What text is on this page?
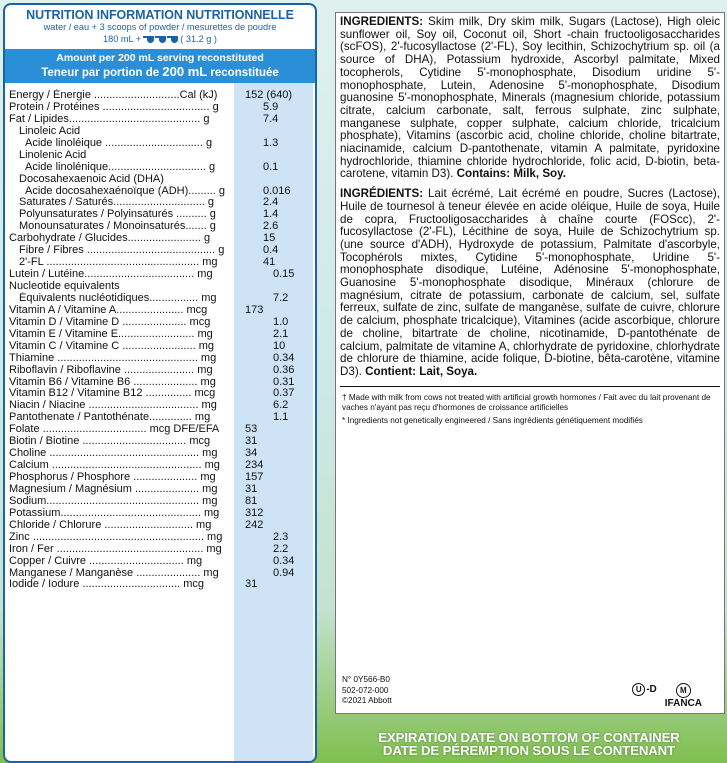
NUTRITION INFORMATION NUTRITIONNELLE
water / eau + 3 scoops of powder / mesurettes de poudre
180 mL +	( 31.2 g )
Amount per 200 mL serving reconstituted
Teneur par portion de 200 mL reconstituée
Energy / Énergie ............................Cal (kJ)	152 (640)
Protein / Protéines ................................... g	5.9
Fat / Lipides........................................... g	7.4
Linoleic Acid
Acide linoléique ................................ g	1.3
Linolenic Acid
Acide linolénique................................ g	0.1
Docosahexaenoic Acid (DHA)
Acide docosahexaénoïque (ADH)......... g	0.016
Saturates / Saturés.............................. g	2.4
Polyunsaturates / Polyinsaturés .......... g	1.4
Monounsaturates / Monoinsaturés....... g	2.6
Carbohydrate / Glucides........................ g	15
Fibre / Fibres .......................................... g	0.4
2'-FL .................................................. mg	41
Lutein / Lutéine.................................... mg	0.15
Nucleotide equivalents
Équivalents nucléotidiques................ mg	7.2
Vitamin A / Vitamine A...................... mcg	173
Vitamin D / Vitamine D ..................... mcg	1.0
Vitamin E / Vitamine E......................... mg	2.1
Vitamin C / Vitamine C ........................ mg	10
Thiamine .............................................. mg	0.34
Riboflavin / Riboflavine ....................... mg	0.36
Vitamin B6 / Vitamine B6 ..................... mg	0.31
Vitamin B12 / Vitamine B12 ............... mcg	0.37
Niacin / Niacine .................................... mg	6.2
Pantothenate / Pantothénate.............. mg	1.1
Folate .................................. mcg DFE/EFA	53
Biotin / Biotine .................................. mcg	31
Choline ................................................. mg	34
Calcium ................................................. mg	234
Phosphorus / Phosphore ..................... mg	157
Magnesium / Magnésium ..................... mg	31
Sodium.................................................. mg	81
Potassium.............................................. mg	312
Chloride / Chlorure ............................. mg	242
Zinc ........................................................ mg	2.3
Iron / Fer ................................................ mg	2.2
Copper / Cuivre ............................... mg	0.34
Manganese / Manganèse ..................... mg	0.94
Iodide / Iodure ................................ mcg	31

INGREDIENTS: Skim milk, Dry skim milk, Sugars (Lactose), High oleic sunflower oil, Soy oil, Coconut oil, Short -chain fructooligosaccharides (scFOS), 2'-fucosyllactose (2'-FL), Soy lecithin, Schizochytrium sp. oil (a source of DHA), Potassium hydroxide, Ascorbyl palmitate, Mixed tocopherols, Cytidine 5'-monophosphate, Disodium uridine 5'-monophosphate, Lutein, Adenosine 5'-monophosphate, Disodium guanosine 5'-monophosphate, Minerals (magnesium chloride, potassium citrate, calcium carbonate, salt, ferrous sulphate, zinc sulphate, manganese sulphate, copper sulphate, calcium chloride, tricalcium phosphate), Vitamins (ascorbic acid, choline chloride, choline bitartrate, niacinamide, calcium D-pantothenate, vitamin A palmitate, pyridoxine hydrochloride, thiamine chloride hydrochloride, folic acid, D-biotin, beta-carotene, vitamin D3). Contains: Milk, Soy.

INGRÉDIENTS: Lait écrémé, Lait écrémé en poudre, Sucres (Lactose), Huile de tournesol à teneur élevée en acide oléique, Huile de soya, Huile de copra, Fructooligosaccharides à chaîne courte (FOScc), 2'-fucosyllactose (2'-FL), Lécithine de soya, Huile de Schizochytrium sp. (une source d'ADH), Hydroxyde de potassium, Palmitate d'ascorbyle, Tocophérols mixtes, Cytidine 5'-monophosphate, Uridine 5'-monophosphate disodique, Lutéine, Adénosine 5'-monophosphate, Guanosine 5'-monophosphate disodique, Minéraux (chlorure de magnésium, citrate de potassium, carbonate de calcium, sel, sulfate ferreux, sulfate de zinc, sulfate de manganèse, sulfate de cuivre, chlorure de calcium, phosphate tricalcique), Vitamines (acide ascorbique, chlorure de choline, bitartrate de choline, nicotinamide, D-pantothénate de calcium, palmitate de vitamine A, chlorhydrate de pyridoxine, chlorhydrate de chlorure de thiamine, acide folique, D-biotine, bêta-carotène, vitamine D3). Contient: Lait, Soya.

† Made with milk from cows not treated with artificial growth hormones / Fait avec du lait provenant de vaches n'ayant pas reçu d'hormones de croissance artificielles
* Ingredients not genetically engineered / Sans ingrédients génétiquement modifiés
N° 0Y566-B0
502-072-000
©2021 Abbott
U -D	M
IFANCA
EXPIRATION DATE ON BOTTOM OF CONTAINER
DATE DE PÉREMPTION SOUS LE CONTENANT
